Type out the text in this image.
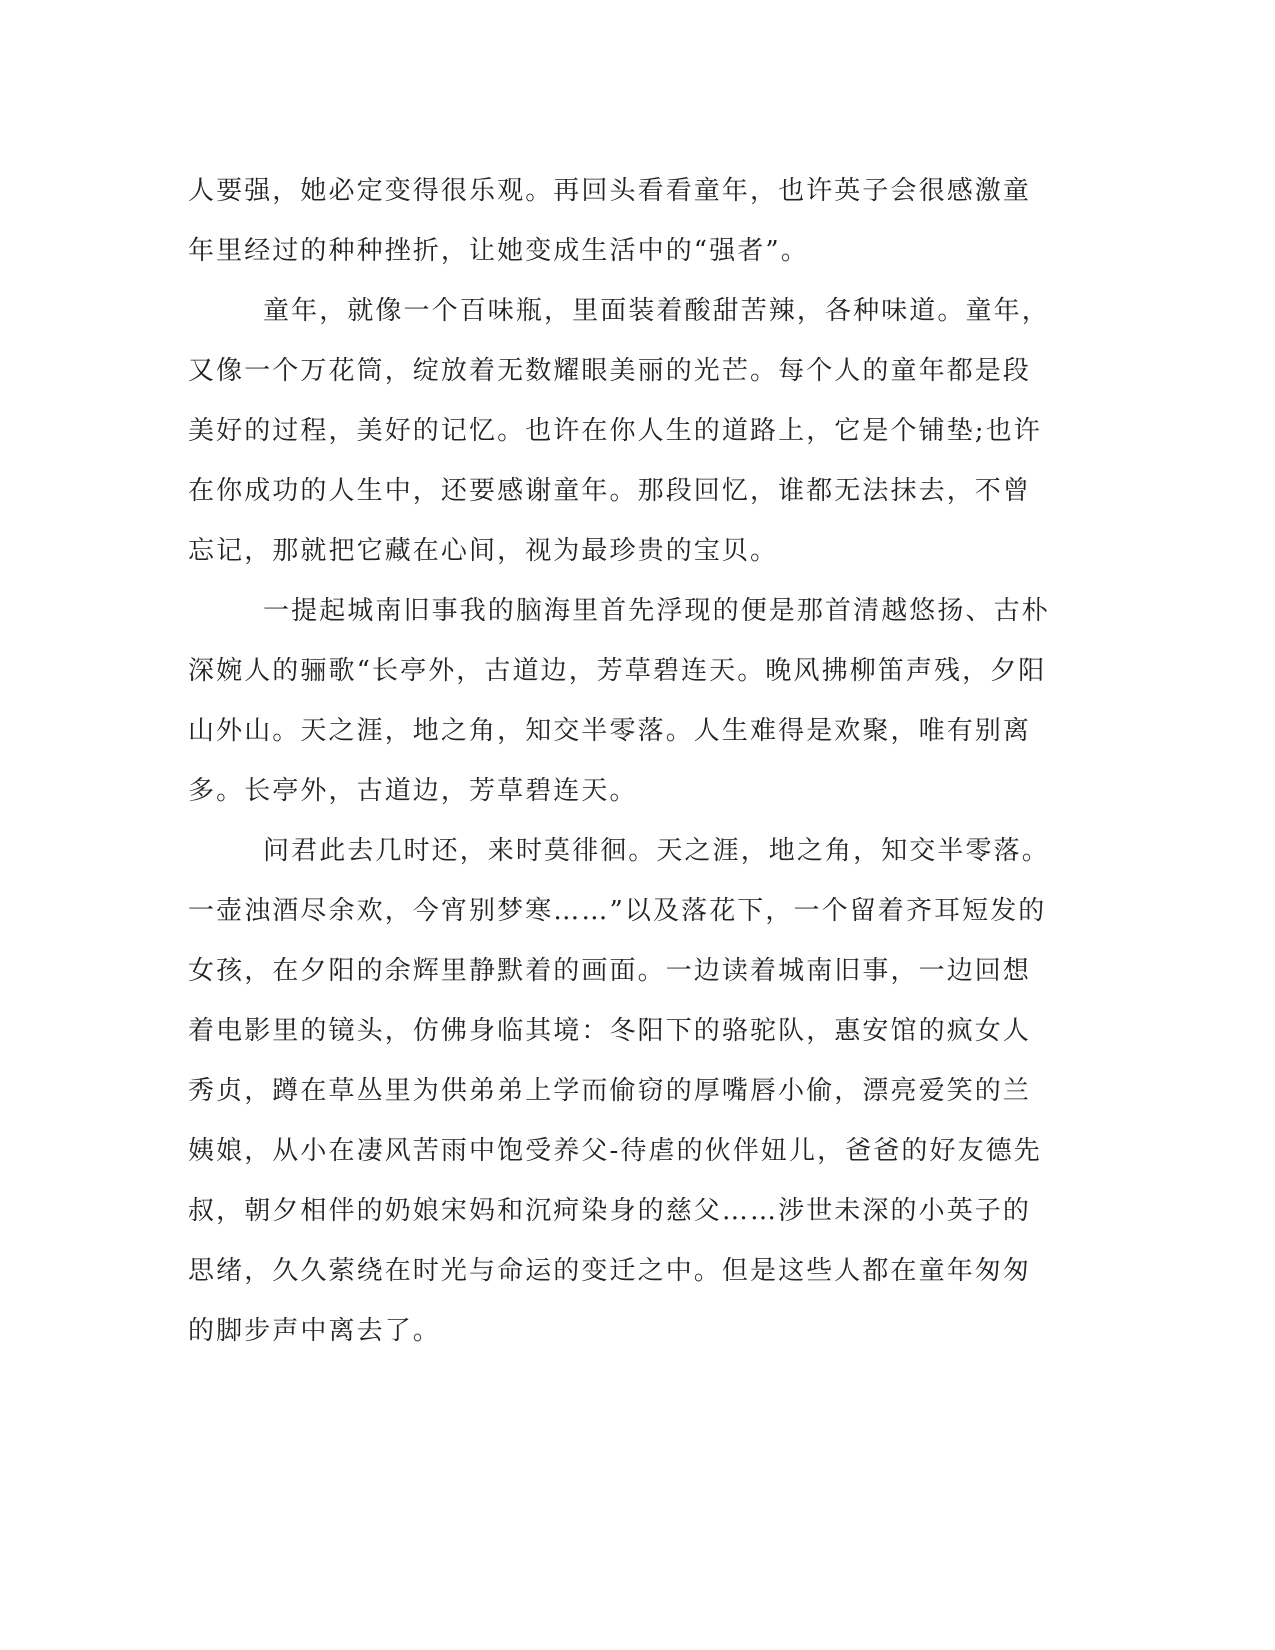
人要强，她必定变得很乐观。再回头看看童年，也许英子会很感激童
年里经过的种种挫折，让她变成生活中的“强者”。
童年，就像一个百味瓶，里面装着酸甜苦辣，各种味道。童年，
又像一个万花筒，绽放着无数耀眼美丽的光芒。每个人的童年都是段
美好的过程，美好的记忆。也许在你人生的道路上，它是个铺垫;也许
在你成功的人生中，还要感谢童年。那段回忆，谁都无法抹去，不曾
忘记，那就把它藏在心间，视为最珍贵的宝贝。
一提起城南旧事我的脑海里首先浮现的便是那首清越悠扬、古朴
深婉人的骊歌“长亭外，古道边，芳草碧连天。晚风拂柳笛声残，夕阳
山外山。天之涯，地之角，知交半零落。人生难得是欢聚，唯有别离
多。长亭外，古道边，芳草碧连天。
问君此去几时还，来时莫徘徊。天之涯，地之角，知交半零落。
一壶浊酒尽余欢，今宵别梦寒……”以及落花下，一个留着齐耳短发的
女孩，在夕阳的余辉里静默着的画面。一边读着城南旧事，一边回想
着电影里的镜头，仿佛身临其境：冬阳下的骆驼队，惠安馆的疯女人
秀贞，蹲在草丛里为供弟弟上学而偷窃的厚嘴唇小偷，漂亮爱笑的兰
姨娘，从小在凄风苦雨中饱受养父-待虐的伙伴妞儿，爸爸的好友德先
叔，朝夕相伴的奶娘宋妈和沉疴染身的慈父……涉世未深的小英子的
思绪，久久萦绕在时光与命运的变迁之中。但是这些人都在童年匆匆
的脚步声中离去了。
